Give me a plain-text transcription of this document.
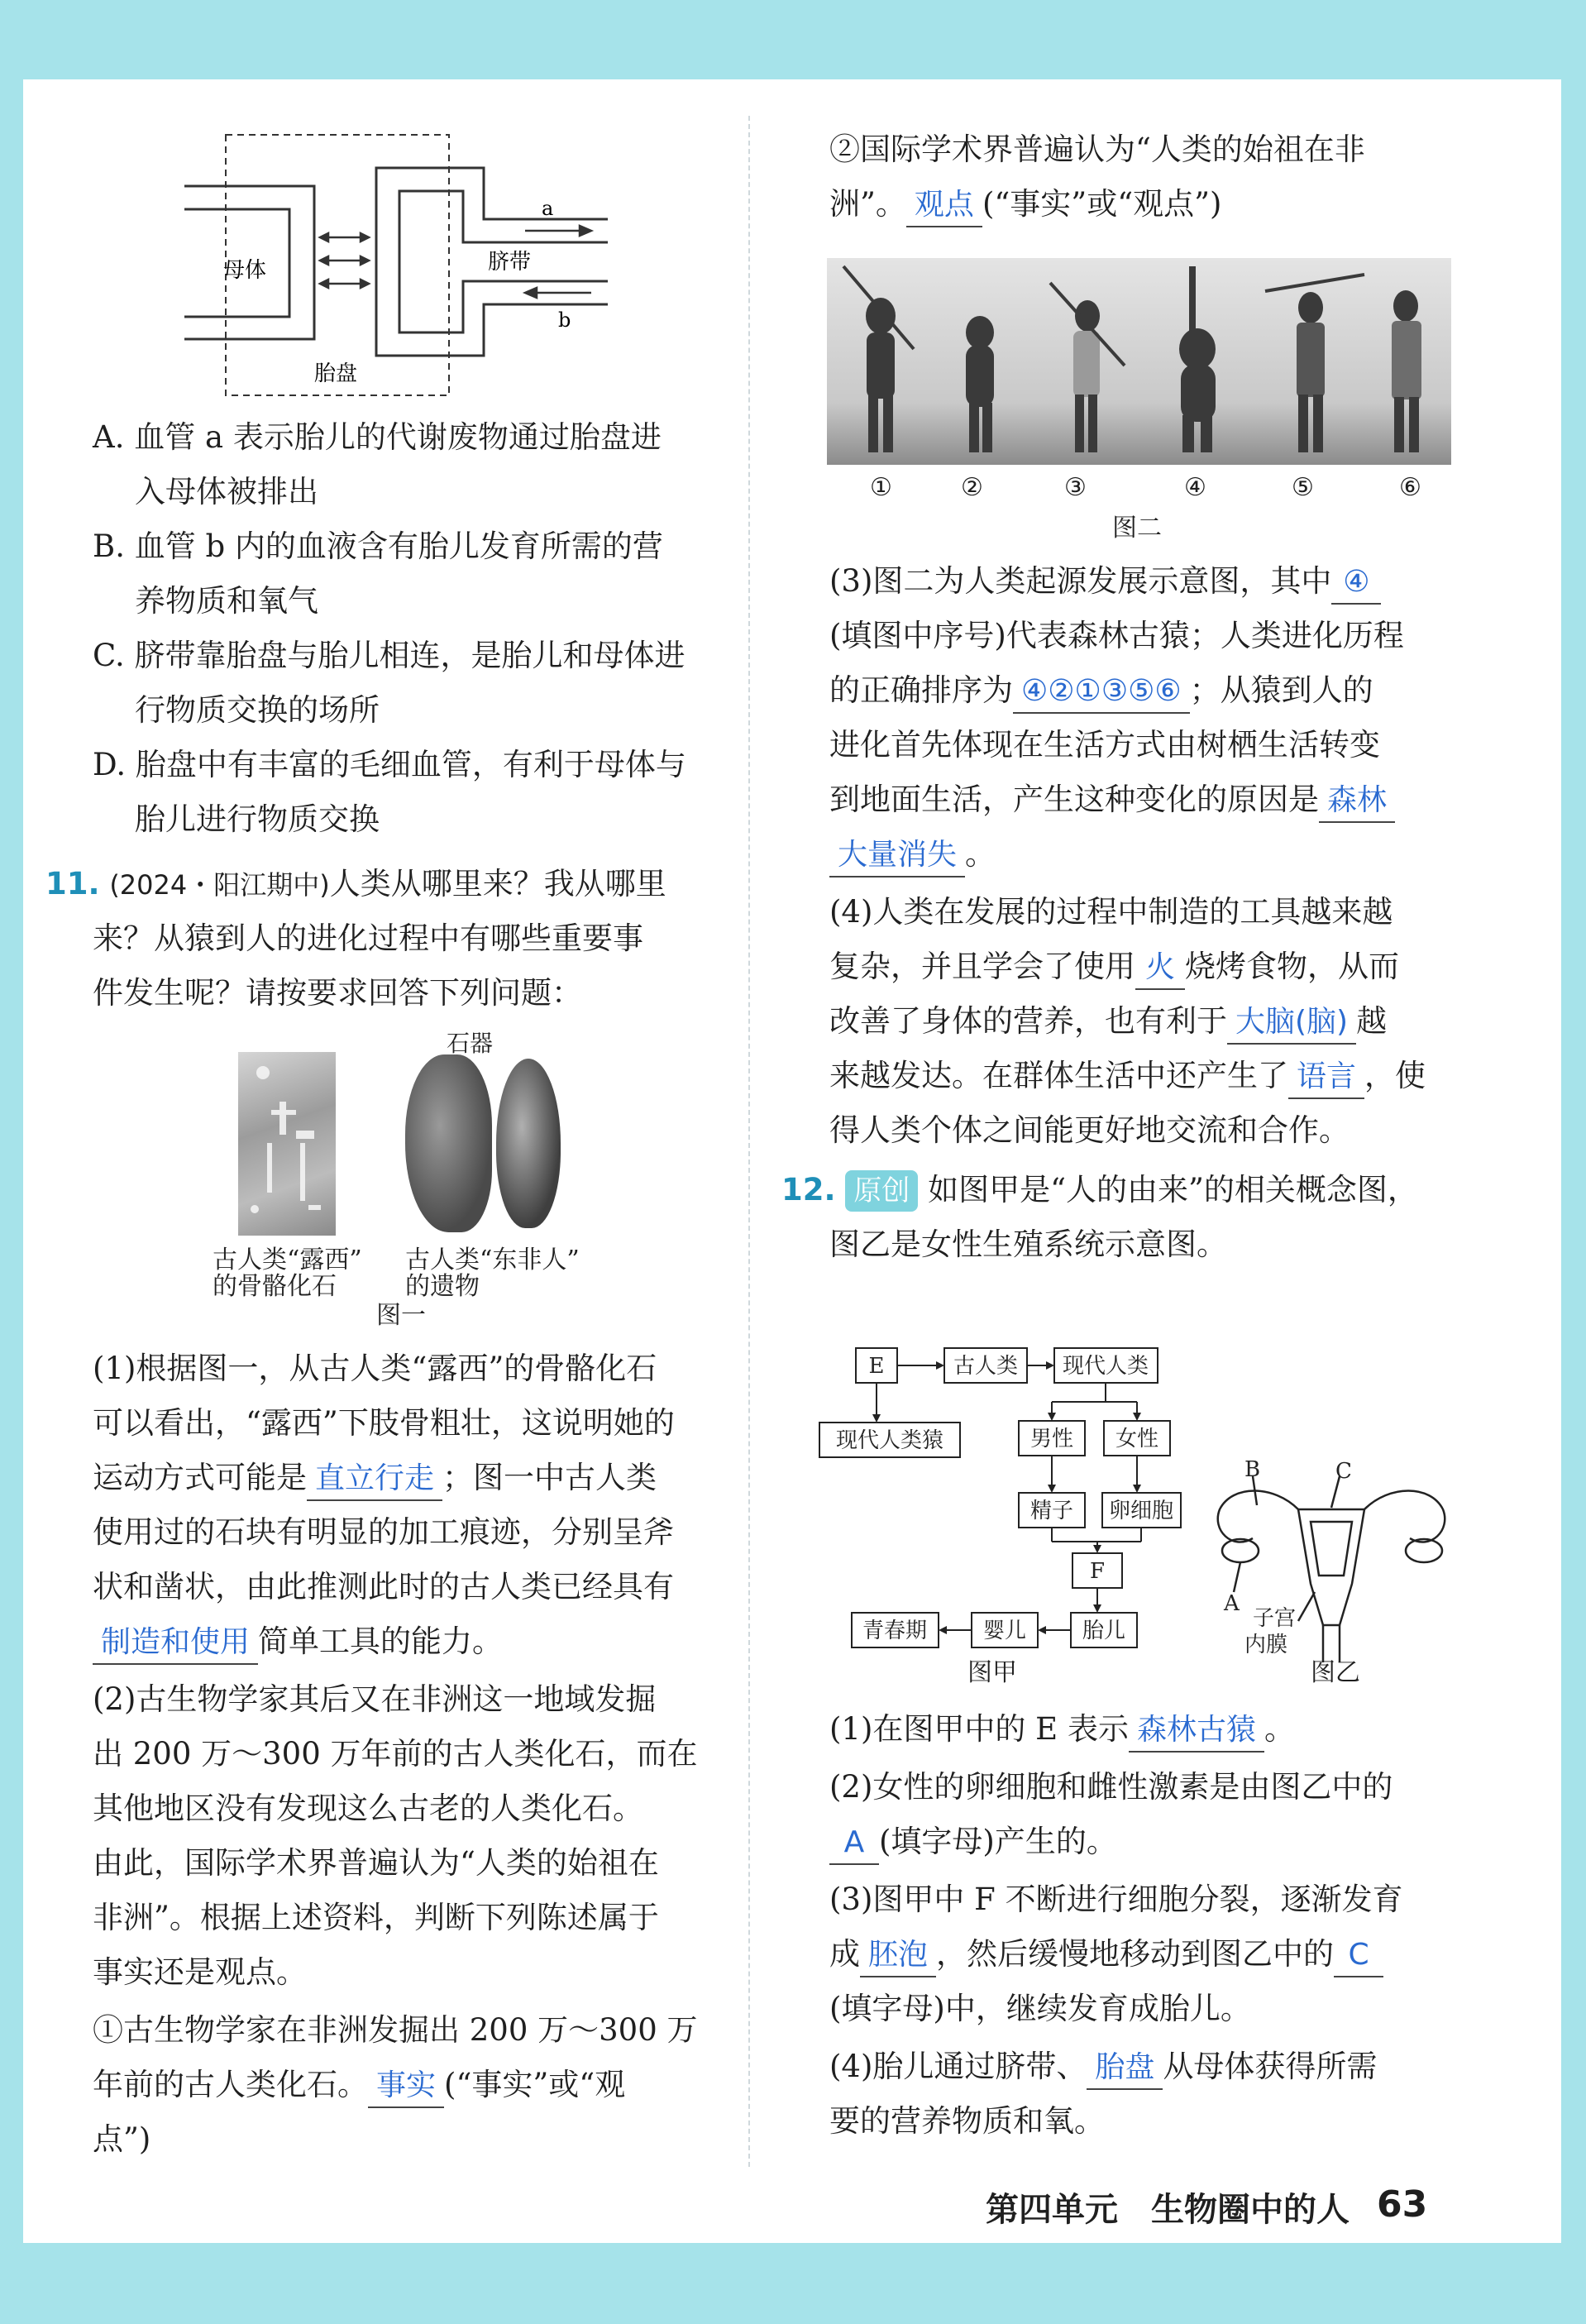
a
b
母体	脐带
胎盘
A. 血管 a 表示胎儿的代谢废物通过胎盘进
入母体被排出
B. 血管 b 内的血液含有胎儿发育所需的营
养物质和氧气
C. 脐带靠胎盘与胎儿相连，是胎儿和母体进
行物质交换的场所
D. 胎盘中有丰富的毛细血管，有利于母体与
胎儿进行物质交换
11. (2024・阳江期中)人类从哪里来？我从哪里
来？从猿到人的进化过程中有哪些重要事
件发生呢？请按要求回答下列问题：
石器
古人类“露西”
的骨骼化石
古人类“东非人”
的遗物
图一
(1)根据图一，从古人类“露西”的骨骼化石
可以看出，“露西”下肢骨粗壮，这说明她的
运动方式可能是 直立行走 ；图一中古人类
使用过的石块有明显的加工痕迹，分别呈斧
状和凿状，由此推测此时的古人类已经具有
制造和使用 简单工具的能力。
(2)古生物学家其后又在非洲这一地域发掘
出 200 万～300 万年前的古人类化石，而在
其他地区没有发现这么古老的人类化石。
由此，国际学术界普遍认为“人类的始祖在
非洲”。根据上述资料，判断下列陈述属于
事实还是观点。
①古生物学家在非洲发掘出 200 万～300 万
年前的古人类化石。 事实 (“事实”或“观
点”)
②国际学术界普遍认为“人类的始祖在非
洲”。 观点 (“事实”或“观点”)
①	②	③	④	⑤	⑥
图二
(3)图二为人类起源发展示意图，其中 ④
(填图中序号)代表森林古猿；人类进化历程
的正确排序为 ④②①③⑤⑥ ；从猿到人的
进化首先体现在生活方式由树栖生活转变
到地面生活，产生这种变化的原因是 森林
大量消失 。
(4)人类在发展的过程中制造的工具越来越
复杂，并且学会了使用 火 烧烤食物，从而
改善了身体的营养，也有利于 大脑(脑) 越
来越发达。在群体生活中还产生了 语言 ，使
得人类个体之间能更好地交流和合作。
12. 原创 如图甲是“人的由来”的相关概念图，
图乙是女性生殖系统示意图。
E	古人类 现代人类
现代人类猿	男性 女性
精子 卵细胞
F
青春期	婴儿	胎儿
图甲
B	C
A
子宫
内膜
图乙
(1)在图甲中的 E 表示 森林古猿 。
(2)女性的卵细胞和雌性激素是由图乙中的
A (填字母)产生的。
(3)图甲中 F 不断进行细胞分裂，逐渐发育
成 胚泡 ，然后缓慢地移动到图乙中的 C
(填字母)中，继续发育成胎儿。
(4)胎儿通过脐带、 胎盘 从母体获得所需
要的营养物质和氧。
第四单元　生物圈中的人 63
